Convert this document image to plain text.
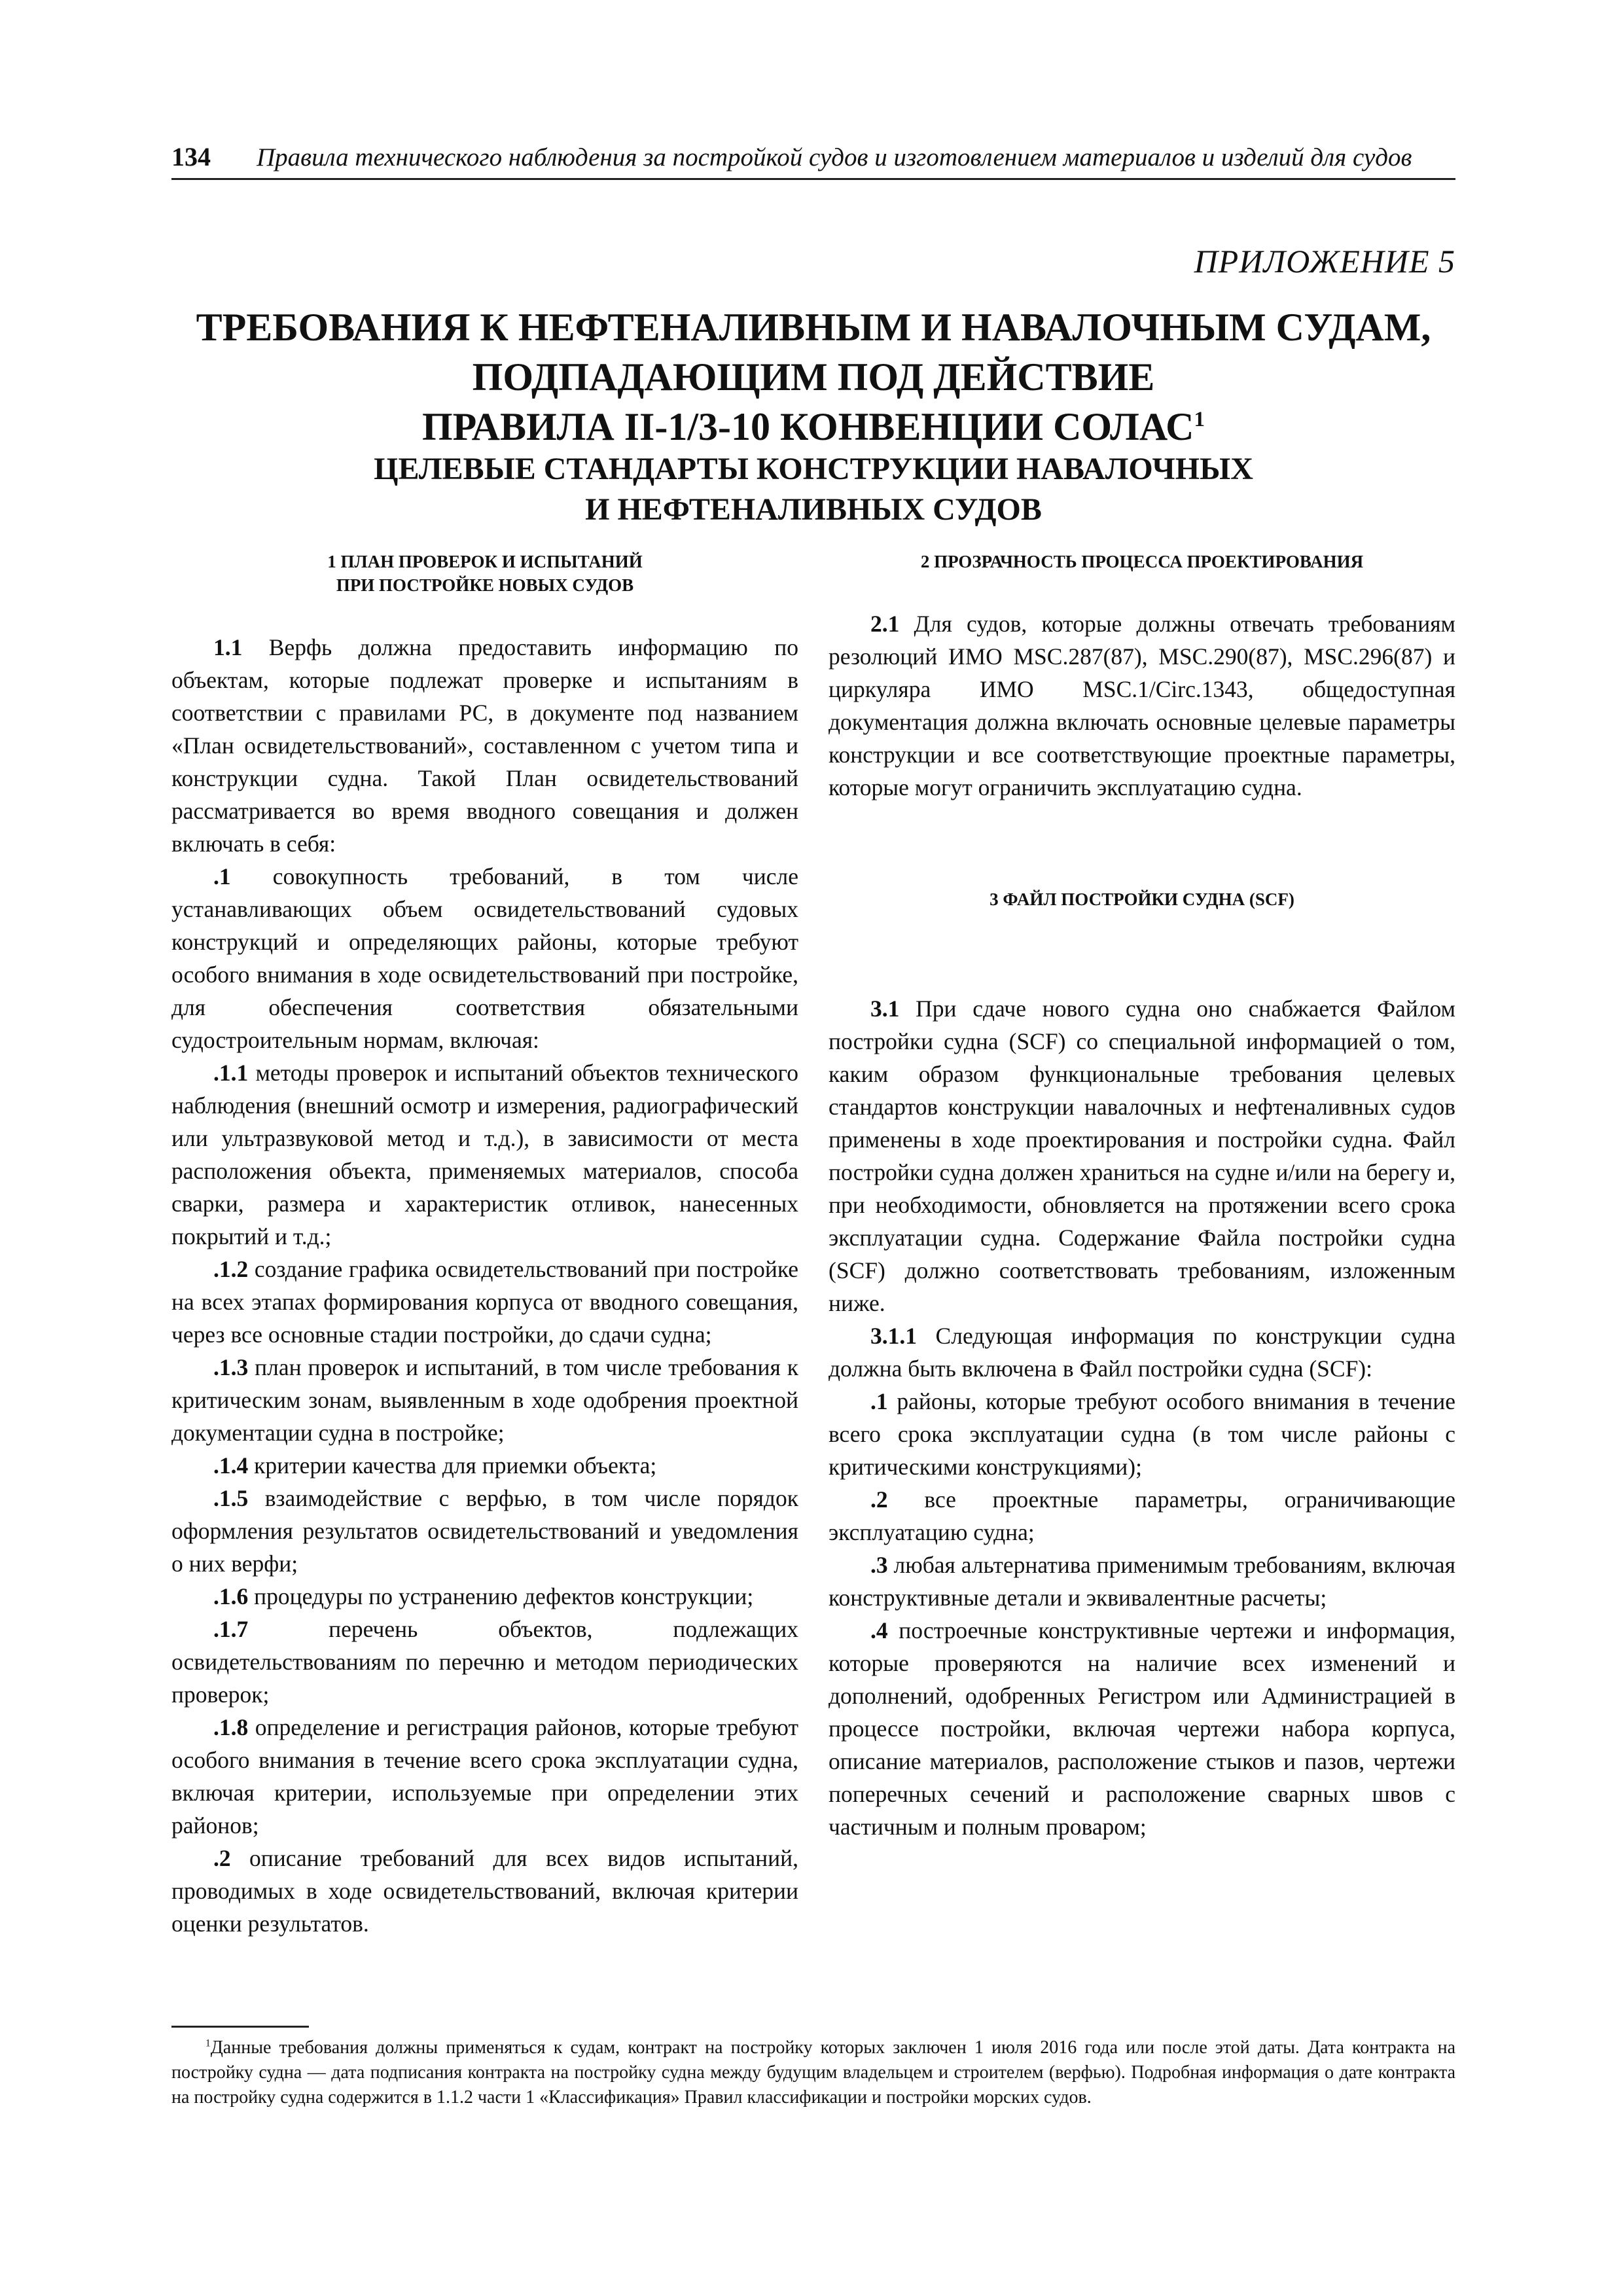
134 Правила технического наблюдения за постройкой судов и изготовлением материалов и изделий для судов
ПРИЛОЖЕНИЕ 5
ТРЕБОВАНИЯ К НЕФТЕНАЛИВНЫМ И НАВАЛОЧНЫМ СУДАМ,
ПОДПАДАЮЩИМ ПОД ДЕЙСТВИЕ
ПРАВИЛА II-1/3-10 КОНВЕНЦИИ СОЛАС$^1$
ЦЕЛЕВЫЕ СТАНДАРТЫ КОНСТРУКЦИИ НАВАЛОЧНЫХ
И НЕФТЕНАЛИВНЫХ СУДОВ
1 ПЛАН ПРОВЕРОК И ИСПЫТАНИЙ
ПРИ ПОСТРОЙКЕ НОВЫХ СУДОВ

1.1 Верфь должна предоставить информацию по объектам, которые подлежат проверке и испытаниям в соответствии с правилами РС, в документе под названием «План освидетельствований», составленном с учетом типа и конструкции судна. Такой План освидетельствований рассматривается во время вводного совещания и должен включать в себя:

.1 совокупность требований, в том числе устанавливающих объем освидетельствований судовых конструкций и определяющих районы, которые требуют особого внимания в ходе освидетельствований при постройке, для обеспечения соответствия обязательными судостроительным нормам, включая:

.1.1 методы проверок и испытаний объектов технического наблюдения (внешний осмотр и измерения, радиографический или ультразвуковой метод и т.д.), в зависимости от места расположения объекта, применяемых материалов, способа сварки, размера и характеристик отливок, нанесенных покрытий и т.д.;

.1.2 создание графика освидетельствований при постройке на всех этапах формирования корпуса от вводного совещания, через все основные стадии постройки, до сдачи судна;

.1.3 план проверок и испытаний, в том числе требования к критическим зонам, выявленным в ходе одобрения проектной документации судна в постройке;

.1.4 критерии качества для приемки объекта;

.1.5 взаимодействие с верфью, в том числе порядок оформления результатов освидетельствований и уведомления о них верфи;

.1.6 процедуры по устранению дефектов конструкции;

.1.7 перечень объектов, подлежащих освидетельствованиям по перечню и методом периодических проверок;

.1.8 определение и регистрация районов, которые требуют особого внимания в течение всего срока эксплуатации судна, включая критерии, используемые при определении этих районов;

.2 описание требований для всех видов испытаний, проводимых в ходе освидетельствований, включая критерии оценки результатов.

2 ПРОЗРАЧНОСТЬ ПРОЦЕССА ПРОЕКТИРОВАНИЯ

2.1 Для судов, которые должны отвечать требованиям резолюций ИМО MSC.287(87), MSC.290(87), MSC.296(87) и циркуляра ИМО MSC.1/Circ.1343, общедоступная документация должна включать основные целевые параметры конструкции и все соответствующие проектные параметры, которые могут ограничить эксплуатацию судна.

3 ФАЙЛ ПОСТРОЙКИ СУДНА (SCF)

3.1 При сдаче нового судна оно снабжается Файлом постройки судна (SCF) со специальной информацией о том, каким образом функциональные требования целевых стандартов конструкции навалочных и нефтеналивных судов применены в ходе проектирования и постройки судна. Файл постройки судна должен храниться на судне и/или на берегу и, при необходимости, обновляется на протяжении всего срока эксплуатации судна. Содержание Файла постройки судна (SCF) должно соответствовать требованиям, изложенным ниже.

3.1.1 Следующая информация по конструкции судна должна быть включена в Файл постройки судна (SCF):

.1 районы, которые требуют особого внимания в течение всего срока эксплуатации судна (в том числе районы с критическими конструкциями);

.2 все проектные параметры, ограничивающие эксплуатацию судна;

.3 любая альтернатива применимым требованиям, включая конструктивные детали и эквивалентные расчеты;

.4 построечные конструктивные чертежи и информация, которые проверяются на наличие всех изменений и дополнений, одобренных Регистром или Администрацией в процессе постройки, включая чертежи набора корпуса, описание материалов, расположение стыков и пазов, чертежи поперечных сечений и расположение сварных швов с частичным и полным проваром;

$^1$Данные требования должны применяться к судам, контракт на постройку которых заключен 1 июля 2016 года или после этой даты. Дата контракта на постройку судна — дата подписания контракта на постройку судна между будущим владельцем и строителем (верфью). Подробная информация о дате контракта на постройку судна содержится в 1.1.2 части 1 «Классификация» Правил классификации и постройки морских судов.
